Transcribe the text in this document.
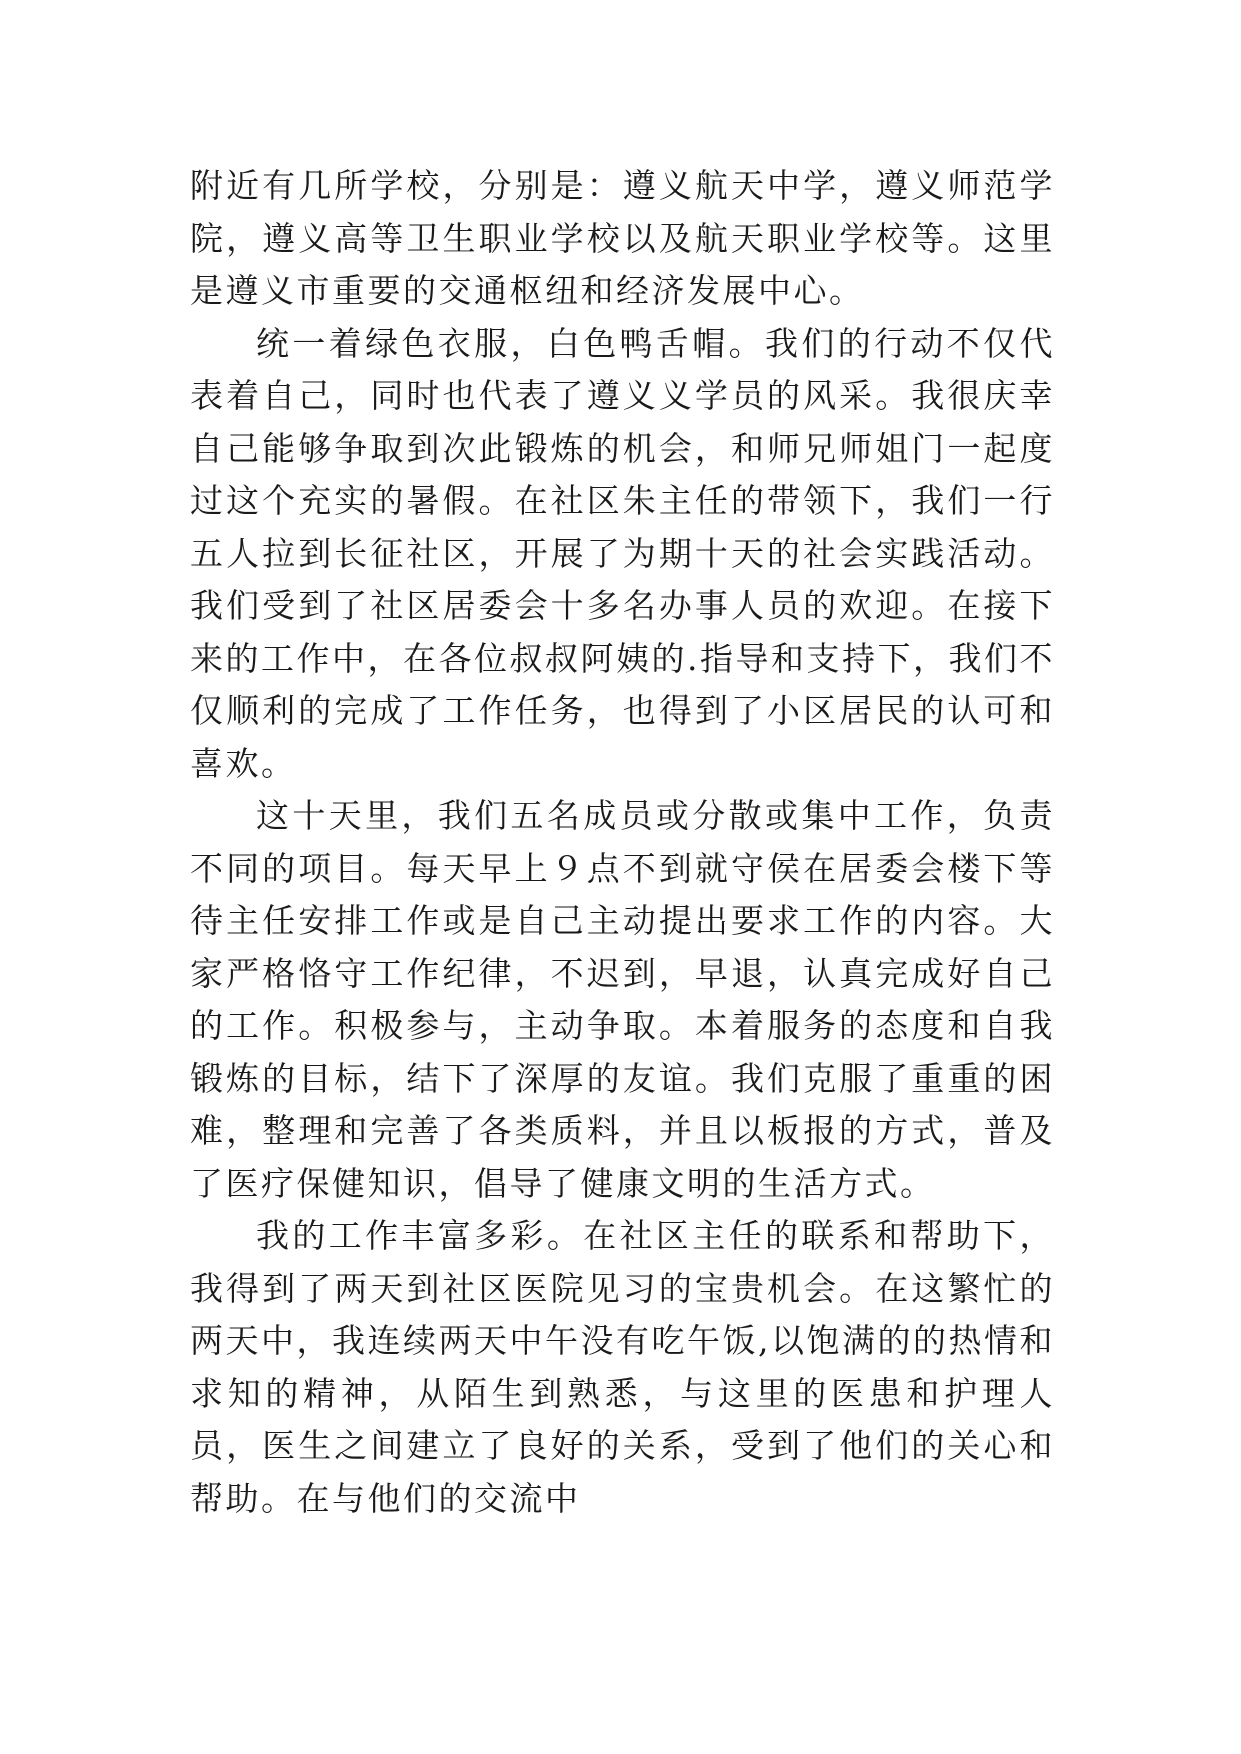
附近有几所学校，分别是：遵义航天中学，遵义师范学院，遵义高等卫生职业学校以及航天职业学校等。这里是遵义市重要的交通枢纽和经济发展中心。

统一着绿色衣服，白色鸭舌帽。我们的行动不仅代表着自己，同时也代表了遵义义学员的风采。我很庆幸自己能够争取到次此锻炼的机会，和师兄师姐门一起度过这个充实的暑假。在社区朱主任的带领下，我们一行五人拉到长征社区，开展了为期十天的社会实践活动。我们受到了社区居委会十多名办事人员的欢迎。在接下来的工作中，在各位叔叔阿姨的.指导和支持下，我们不仅顺利的完成了工作任务，也得到了小区居民的认可和喜欢。

这十天里，我们五名成员或分散或集中工作，负责不同的项目。每天早上９点不到就守侯在居委会楼下等待主任安排工作或是自己主动提出要求工作的内容。大家严格恪守工作纪律，不迟到，早退，认真完成好自己的工作。积极参与，主动争取。本着服务的态度和自我锻炼的目标，结下了深厚的友谊。我们克服了重重的困难，整理和完善了各类质料，并且以板报的方式，普及了医疗保健知识，倡导了健康文明的生活方式。

我的工作丰富多彩。在社区主任的联系和帮助下，我得到了两天到社区医院见习的宝贵机会。在这繁忙的两天中，我连续两天中午没有吃午饭,以饱满的的热情和求知的精神，从陌生到熟悉，与这里的医患和护理人员，医生之间建立了良好的关系，受到了他们的关心和帮助。在与他们的交流中
